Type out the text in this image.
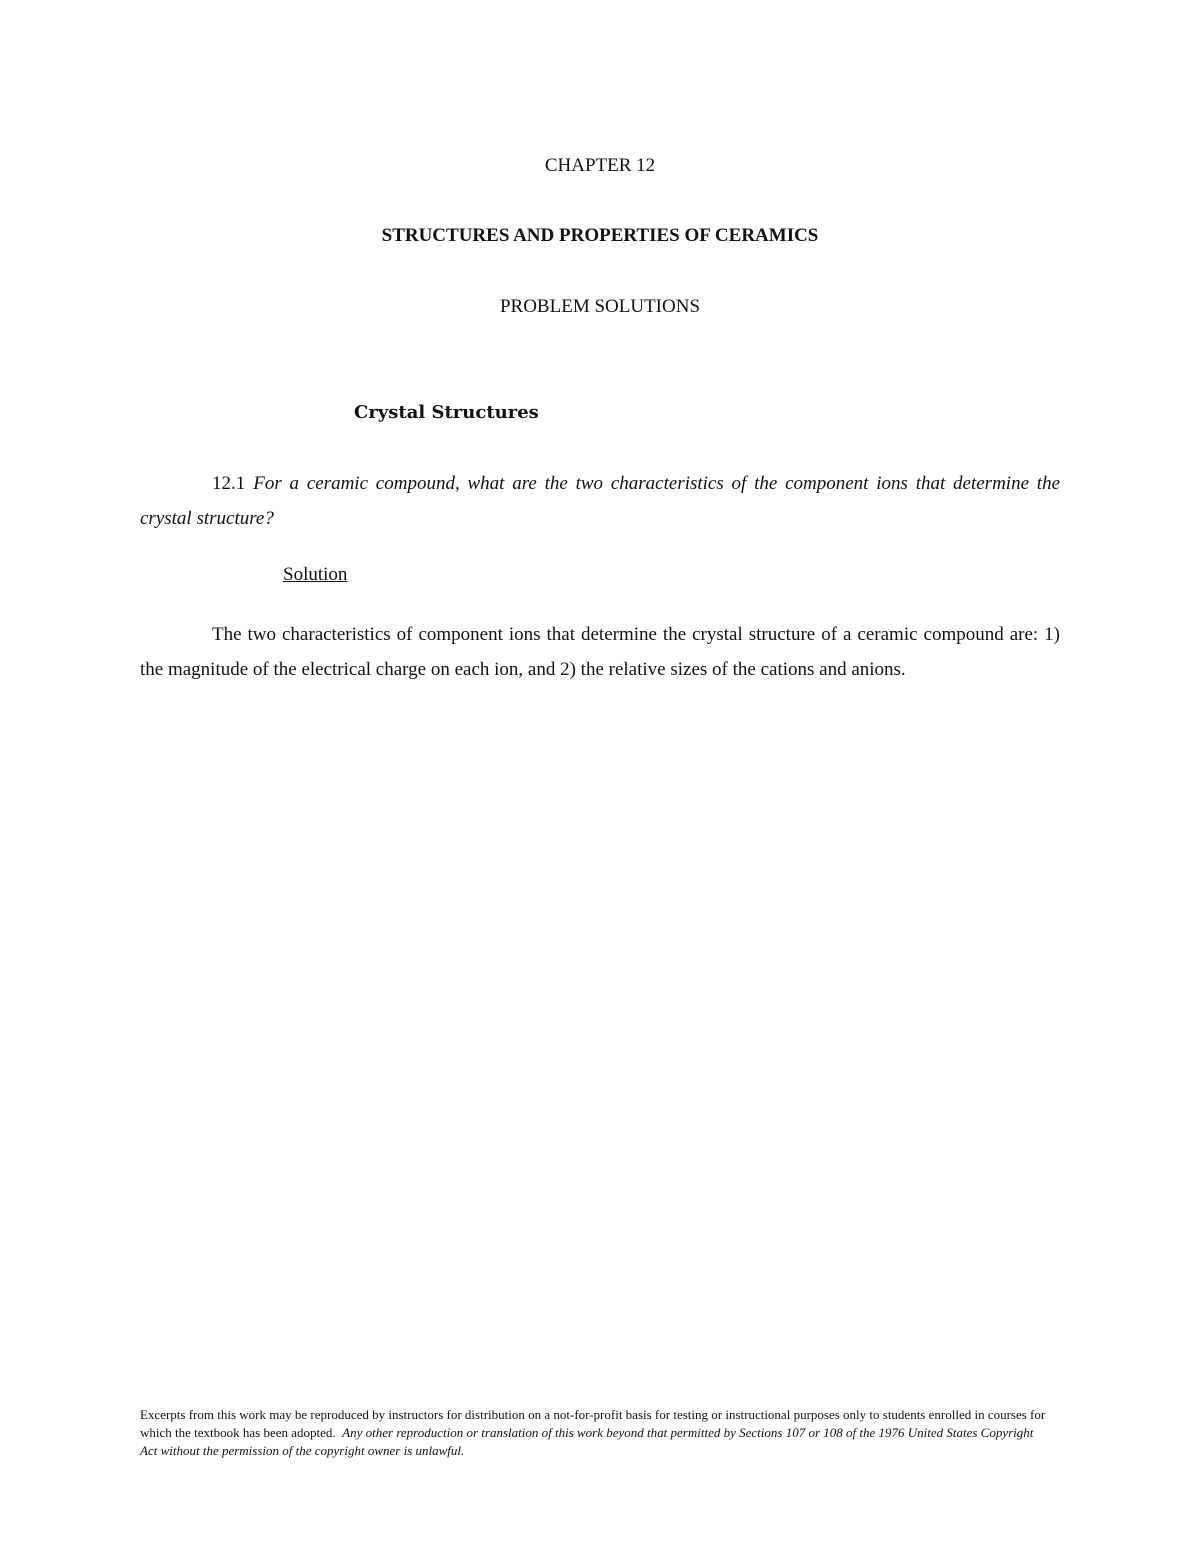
CHAPTER 12
STRUCTURES AND PROPERTIES OF CERAMICS
PROBLEM SOLUTIONS
Crystal Structures
12.1 For a ceramic compound, what are the two characteristics of the component ions that determine the crystal structure?
Solution
The two characteristics of component ions that determine the crystal structure of a ceramic compound are: 1) the magnitude of the electrical charge on each ion, and 2) the relative sizes of the cations and anions.
Excerpts from this work may be reproduced by instructors for distribution on a not-for-profit basis for testing or instructional purposes only to students enrolled in courses for which the textbook has been adopted. Any other reproduction or translation of this work beyond that permitted by Sections 107 or 108 of the 1976 United States Copyright Act without the permission of the copyright owner is unlawful.
